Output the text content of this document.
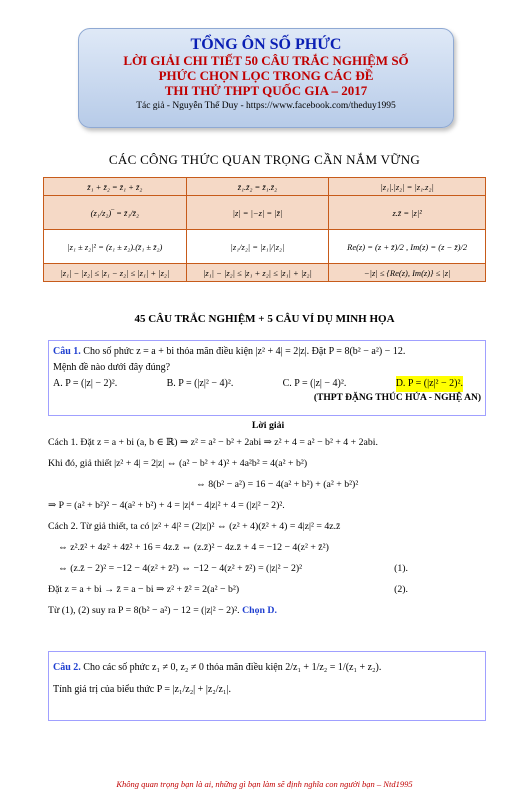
TỔNG ÔN SỐ PHỨC
LỜI GIẢI CHI TIẾT 50 CÂU TRẮC NGHIỆM SỐ
PHỨC CHỌN LỌC TRONG CÁC ĐỀ
THI THỬ THPT QUỐC GIA – 2017
Tác giả - Nguyễn Thế Duy - https://www.facebook.com/theduy1995
CÁC CÔNG THỨC QUAN TRỌNG CẦN NẮM VỮNG
z̄₁ + z̄₂ = z̄₁ + z̄₂	z̄₁.z̄₂ = z̄₁.z̄₂	|z₁|.|z₂| = |z₁.z₂|
(z₁/z₂)‾ = z̄₁/z̄₂	|z| = |−z| = |z̄|	z.z̄ = |z|²
|z₁ ± z₂|² = (z₁ ± z₂).(z̄₁ ± z̄₂)	|z₁/z₂| = |z₁|/|z₂|	Re(z) = (z + z̄)/2 , Im(z) = (z − z̄)/2
|z₁| − |z₂| ≤ |z₁ − z₂| ≤ |z₁| + |z₂|	|z₁| − |z₂| ≤ |z₁ + z₂| ≤ |z₁| + |z₂|	−|z| ≤ {Re(z), Im(z)} ≤ |z|
45 CÂU TRẮC NGHIỆM + 5 CÂU VÍ DỤ MINH HỌA
Câu 1. Cho số phức z = a + bi thỏa mãn điều kiện |z² + 4| = 2|z|. Đặt P = 8(b² − a²) − 12.
Mệnh đề nào dưới đây đúng?
A. P = (|z| − 2)².	B. P = (|z|² − 4)².	C. P = (|z| − 4)².	D. P = (|z|² − 2)².
(THPT ĐẶNG THÚC HỨA - NGHỆ AN)
Lời giải
Cách 1. Đặt z = a + bi (a, b ∈ ℝ) ⇒ z² = a² − b² + 2abi ⇒ z² + 4 = a² − b² + 4 + 2abi.
Khi đó, giả thiết |z² + 4| = 2|z| ⇔ (a² − b² + 4)² + 4a²b² = 4(a² + b²)
⇔ 8(b² − a²) = 16 − 4(a² + b²) + (a² + b²)²
⇒ P = (a² + b²)² − 4(a² + b²) + 4 = |z|⁴ − 4|z|² + 4 = (|z|² − 2)².
Cách 2. Từ giả thiết, ta có |z² + 4|² = (2|z|)² ⇔ (z² + 4)(z̄² + 4) = 4|z|² = 4z.z̄
⇔ z².z̄² + 4z² + 4z̄² + 16 = 4z.z̄ ⇔ (z.z̄)² − 4z.z̄ + 4 = −12 − 4(z² + z̄²)
⇔ (z.z̄ − 2)² = −12 − 4(z² + z̄²) ⇔ −12 − 4(z² + z̄²) = (|z|² − 2)²	(1).
Đặt z = a + bi → z̄ = a − bi ⇒ z² + z̄² = 2(a² − b²)	(2).
Từ (1), (2) suy ra P = 8(b² − a²) − 12 = (|z|² − 2)². Chọn D.
Câu 2. Cho các số phức z₁ ≠ 0, z₂ ≠ 0 thỏa mãn điều kiện 2/z₁ + 1/z₂ = 1/(z₁ + z₂).
Tính giá trị của biểu thức P = |z₁/z₂| + |z₂/z₁|.
Không quan trọng bạn là ai, những gì bạn làm sẽ định nghĩa con người bạn – Ntd1995
